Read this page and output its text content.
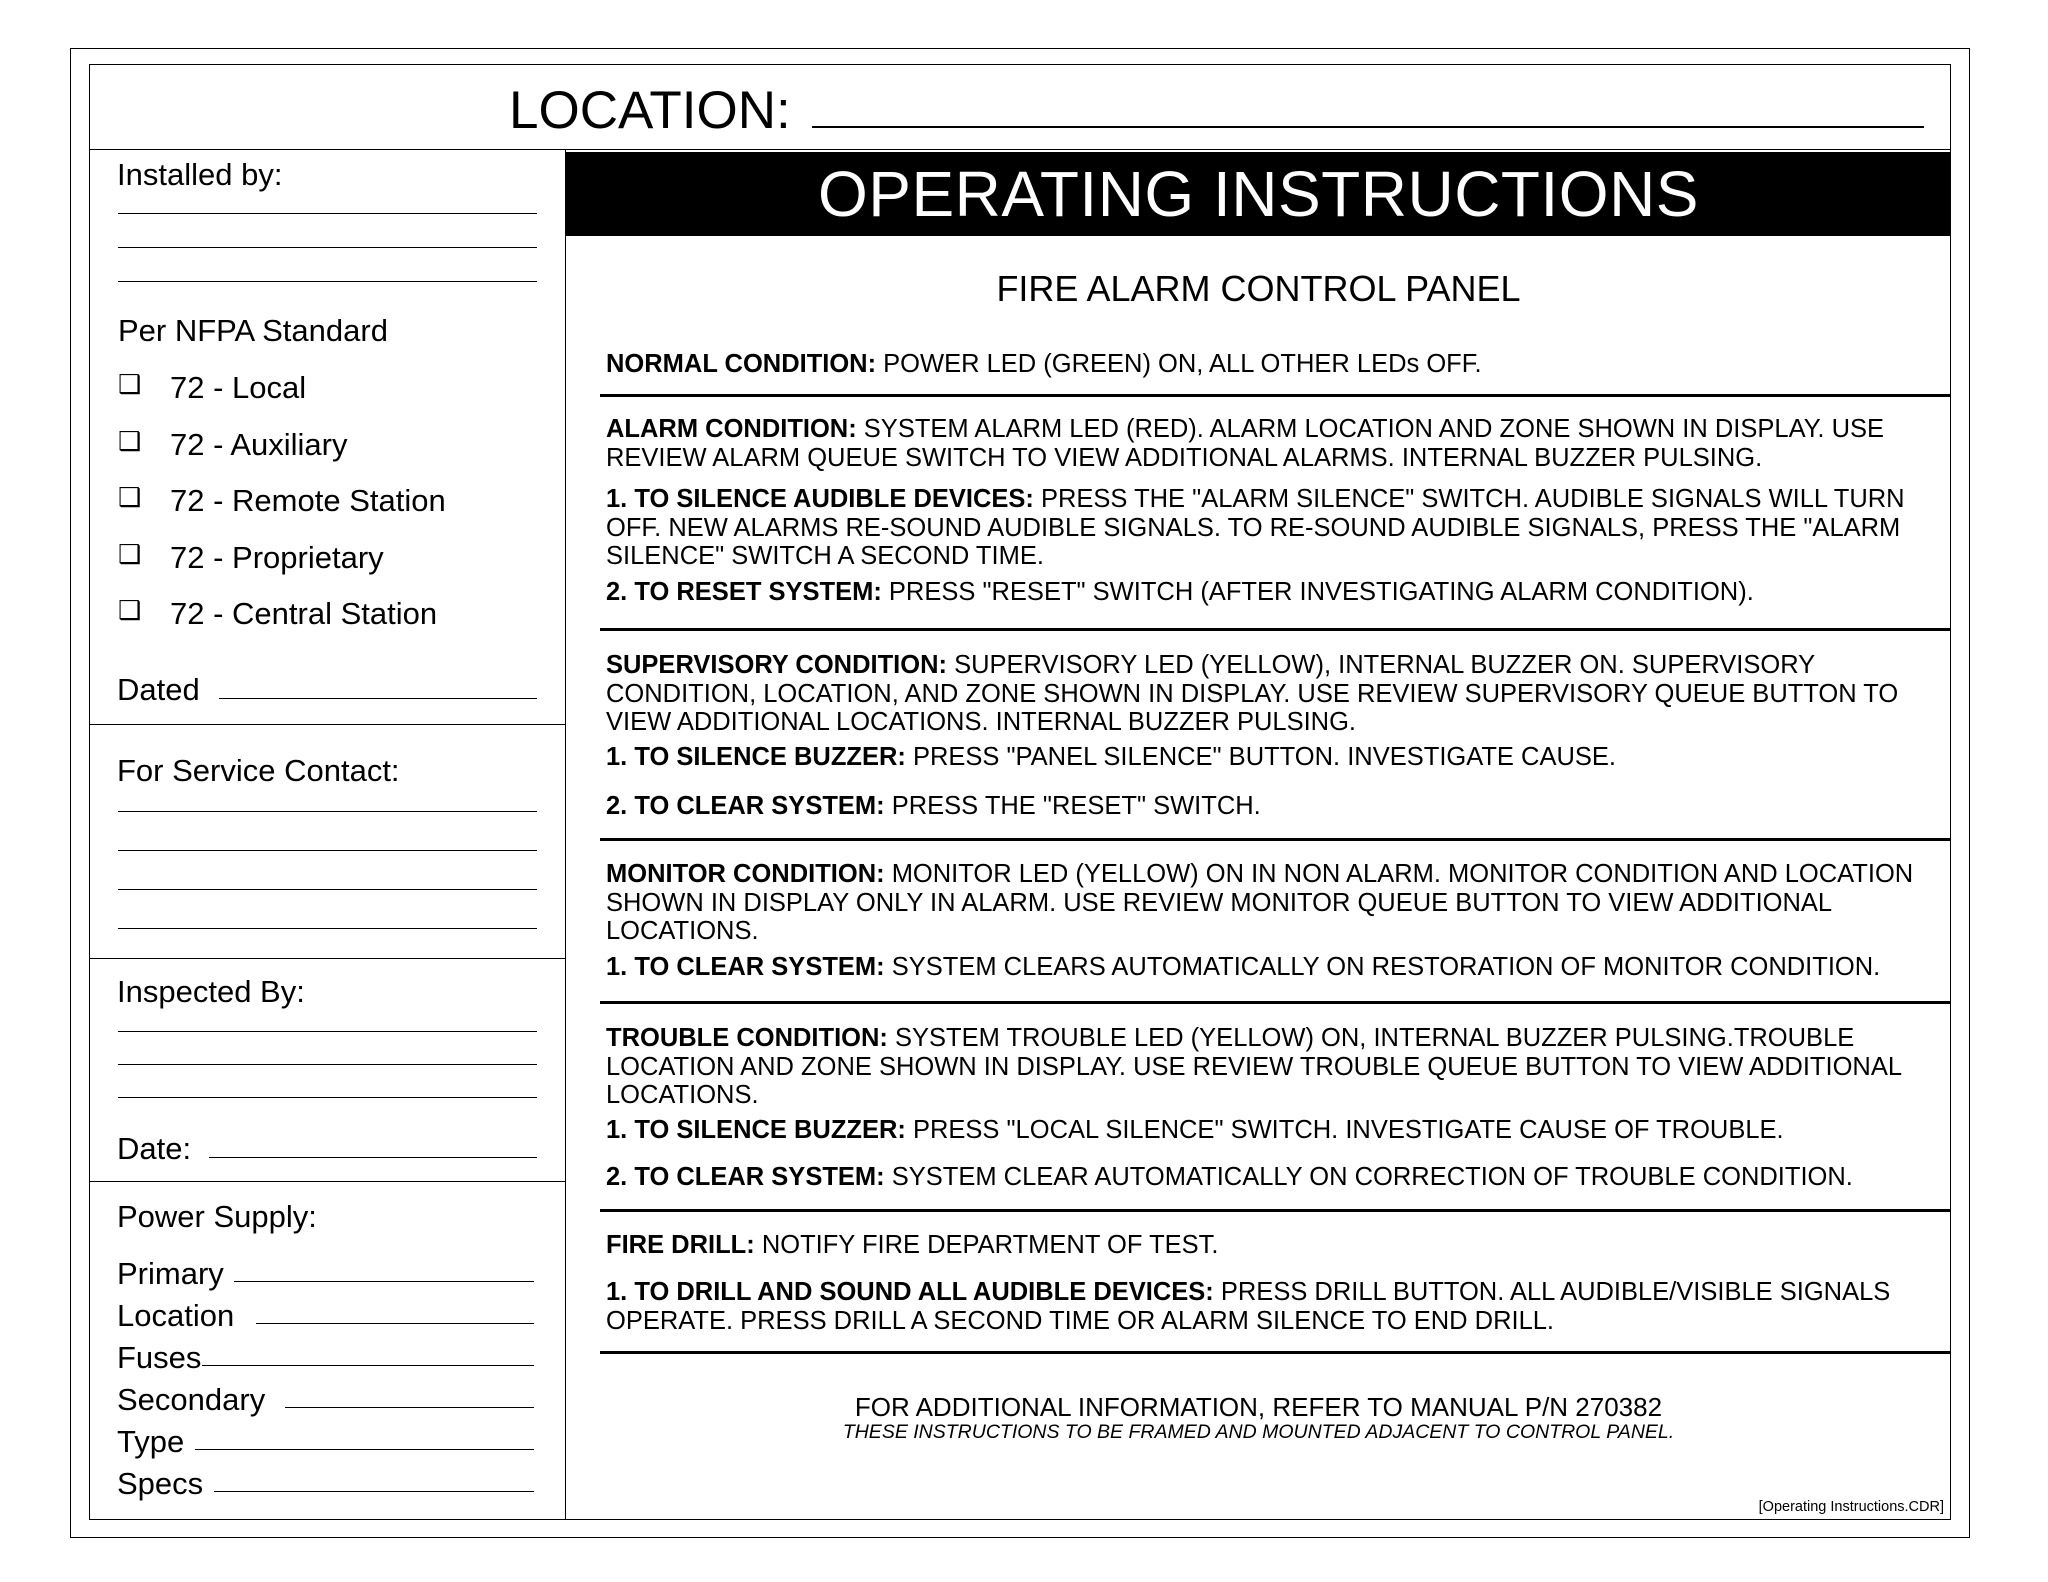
LOCATION:
Installed by:
Per NFPA Standard
❑ 72 - Local
❑ 72 - Auxiliary
❑ 72 - Remote Station
❑ 72 - Proprietary
❑ 72 - Central Station
Dated
For Service Contact:
Inspected By:
Date:
Power Supply:
Primary
Location
Fuses
Secondary
Type
Specs
OPERATING INSTRUCTIONS
FIRE ALARM CONTROL PANEL
NORMAL CONDITION: POWER LED (GREEN) ON, ALL OTHER LEDs OFF.
ALARM CONDITION: SYSTEM ALARM LED (RED). ALARM LOCATION AND ZONE SHOWN IN DISPLAY. USE REVIEW ALARM QUEUE SWITCH TO VIEW ADDITIONAL ALARMS. INTERNAL BUZZER PULSING.
1. TO SILENCE AUDIBLE DEVICES: PRESS THE "ALARM SILENCE" SWITCH. AUDIBLE SIGNALS WILL TURN OFF. NEW ALARMS RE-SOUND AUDIBLE SIGNALS. TO RE-SOUND AUDIBLE SIGNALS, PRESS THE "ALARM SILENCE" SWITCH A SECOND TIME.
2. TO RESET SYSTEM: PRESS "RESET" SWITCH (AFTER INVESTIGATING ALARM CONDITION).
SUPERVISORY CONDITION: SUPERVISORY LED (YELLOW), INTERNAL BUZZER ON. SUPERVISORY CONDITION, LOCATION, AND ZONE SHOWN IN DISPLAY. USE REVIEW SUPERVISORY QUEUE BUTTON TO VIEW ADDITIONAL LOCATIONS. INTERNAL BUZZER PULSING.
1. TO SILENCE BUZZER: PRESS "PANEL SILENCE" BUTTON. INVESTIGATE CAUSE.
2. TO CLEAR SYSTEM: PRESS THE "RESET" SWITCH.
MONITOR CONDITION: MONITOR LED (YELLOW) ON IN NON ALARM. MONITOR CONDITION AND LOCATION SHOWN IN DISPLAY ONLY IN ALARM. USE REVIEW MONITOR QUEUE BUTTON TO VIEW ADDITIONAL LOCATIONS.
1. TO CLEAR SYSTEM: SYSTEM CLEARS AUTOMATICALLY ON RESTORATION OF MONITOR CONDITION.
TROUBLE CONDITION: SYSTEM TROUBLE LED (YELLOW) ON, INTERNAL BUZZER PULSING.TROUBLE LOCATION AND ZONE SHOWN IN DISPLAY. USE REVIEW TROUBLE QUEUE BUTTON TO VIEW ADDITIONAL LOCATIONS.
1. TO SILENCE BUZZER: PRESS "LOCAL SILENCE" SWITCH. INVESTIGATE CAUSE OF TROUBLE.
2. TO CLEAR SYSTEM: SYSTEM CLEAR AUTOMATICALLY ON CORRECTION OF TROUBLE CONDITION.
FIRE DRILL: NOTIFY FIRE DEPARTMENT OF TEST.
1. TO DRILL AND SOUND ALL AUDIBLE DEVICES: PRESS DRILL BUTTON. ALL AUDIBLE/VISIBLE SIGNALS OPERATE. PRESS DRILL A SECOND TIME OR ALARM SILENCE TO END DRILL.
FOR ADDITIONAL INFORMATION, REFER TO MANUAL P/N 270382
THESE INSTRUCTIONS TO BE FRAMED AND MOUNTED ADJACENT TO CONTROL PANEL.
[Operating Instructions.CDR]
